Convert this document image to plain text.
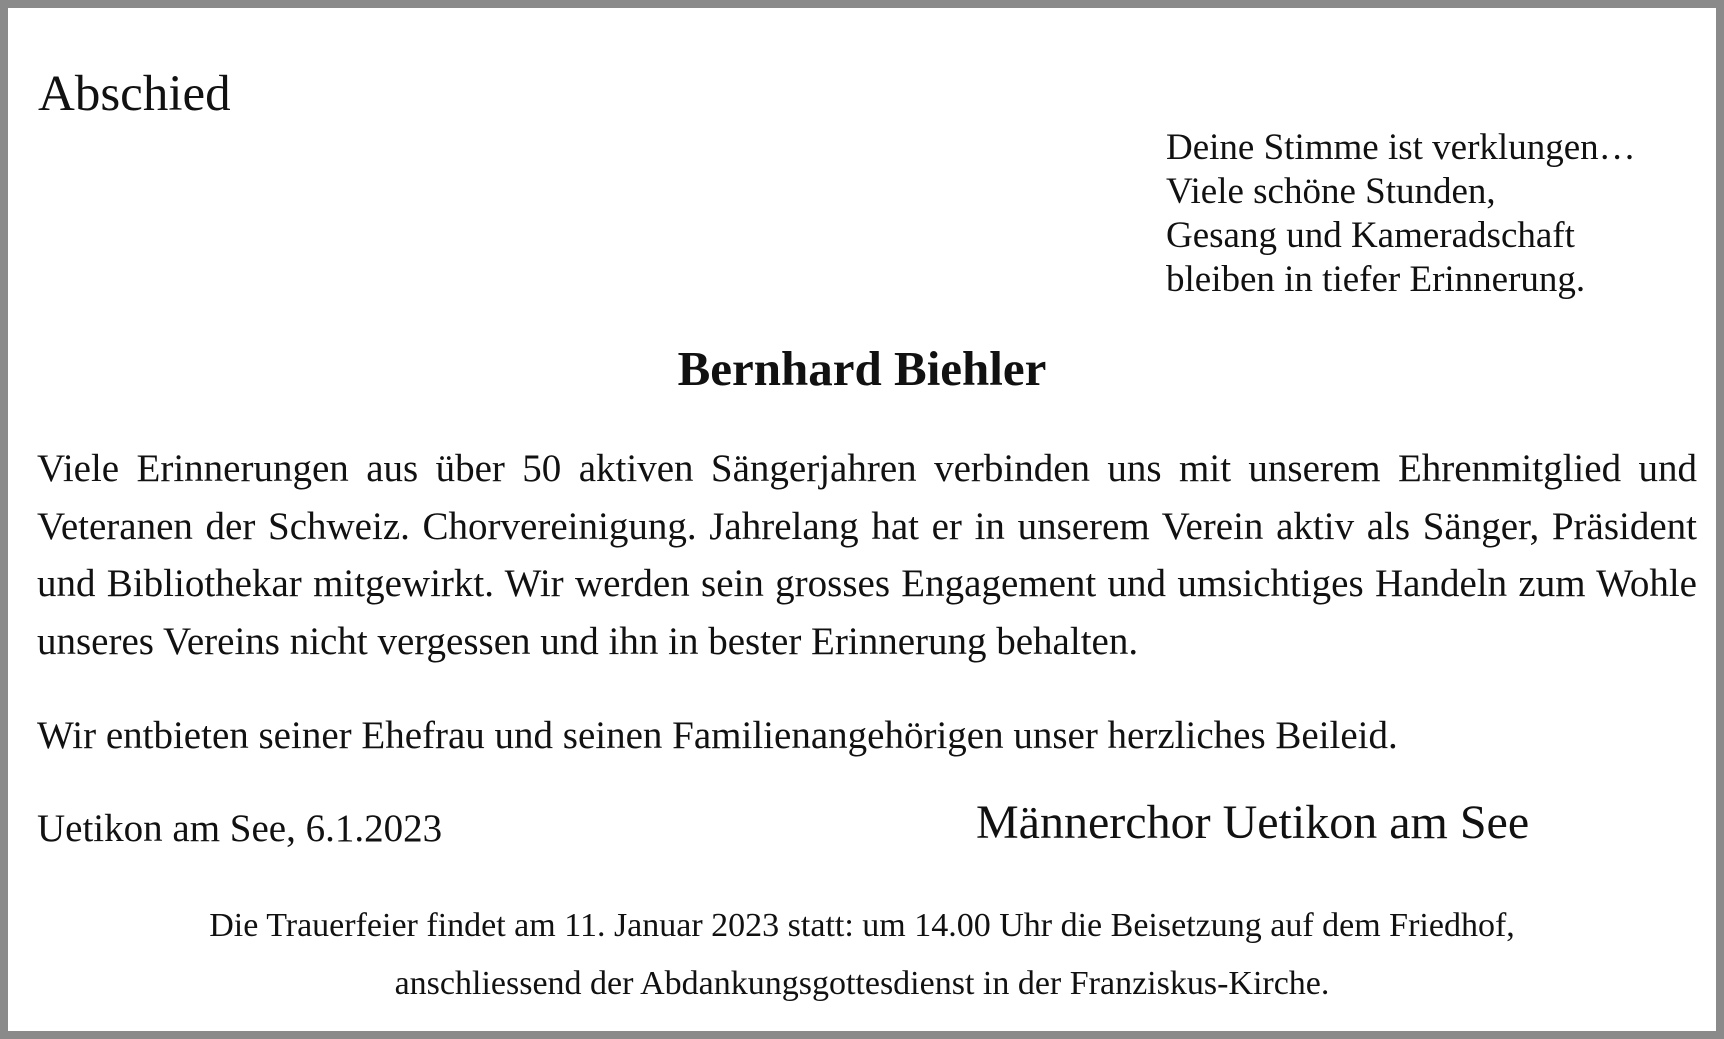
Abschied
Deine Stimme ist verklungen…
Viele schöne Stunden,
Gesang und Kameradschaft
bleiben in tiefer Erinnerung.
Bernhard Biehler
Viele Erinnerungen aus über 50 aktiven Sängerjahren verbinden uns mit unserem Ehrenmitglied und Veteranen der Schweiz. Chorvereinigung. Jahrelang hat er in unserem Verein aktiv als Sänger, Präsident und Bibliothekar mitgewirkt. Wir werden sein grosses Engagement und umsichtiges Handeln zum Wohle unseres Vereins nicht vergessen und ihn in bester Erinnerung behalten.
Wir entbieten seiner Ehefrau und seinen Familienangehörigen unser herzliches Beileid.
Uetikon am See, 6.1.2023	Männerchor Uetikon am See
Die Trauerfeier findet am 11. Januar 2023 statt: um 14.00 Uhr die Beisetzung auf dem Friedhof,
anschliessend der Abdankungsgottesdienst in der Franziskus-Kirche.
